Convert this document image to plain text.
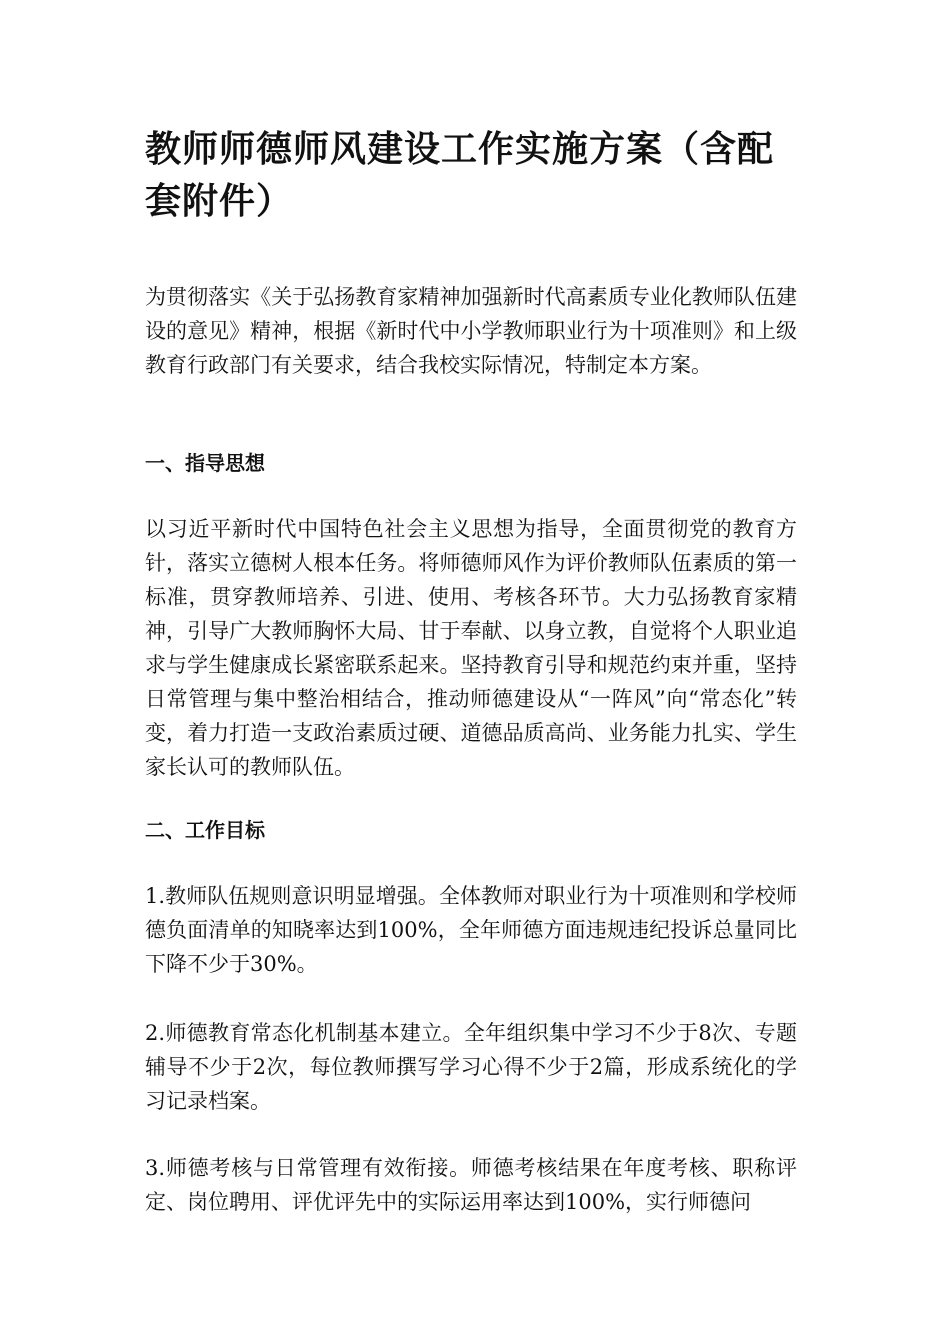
教师师德师风建设工作实施方案（含配套附件）

为贯彻落实《关于弘扬教育家精神加强新时代高素质专业化教师队伍建设的意见》精神，根据《新时代中小学教师职业行为十项准则》和上级教育行政部门有关要求，结合我校实际情况，特制定本方案。

一、指导思想

以习近平新时代中国特色社会主义思想为指导，全面贯彻党的教育方针，落实立德树人根本任务。将师德师风作为评价教师队伍素质的第一标准，贯穿教师培养、引进、使用、考核各环节。大力弘扬教育家精神，引导广大教师胸怀大局、甘于奉献、以身立教，自觉将个人职业追求与学生健康成长紧密联系起来。坚持教育引导和规范约束并重，坚持日常管理与集中整治相结合，推动师德建设从“一阵风”向“常态化”转变，着力打造一支政治素质过硬、道德品质高尚、业务能力扎实、学生家长认可的教师队伍。

二、工作目标

1.教师队伍规则意识明显增强。全体教师对职业行为十项准则和学校师德负面清单的知晓率达到100%，全年师德方面违规违纪投诉总量同比下降不少于30%。

2.师德教育常态化机制基本建立。全年组织集中学习不少于8次、专题辅导不少于2次，每位教师撰写学习心得不少于2篇，形成系统化的学习记录档案。

3.师德考核与日常管理有效衔接。师德考核结果在年度考核、职称评定、岗位聘用、评优评先中的实际运用率达到100%，实行师德问
